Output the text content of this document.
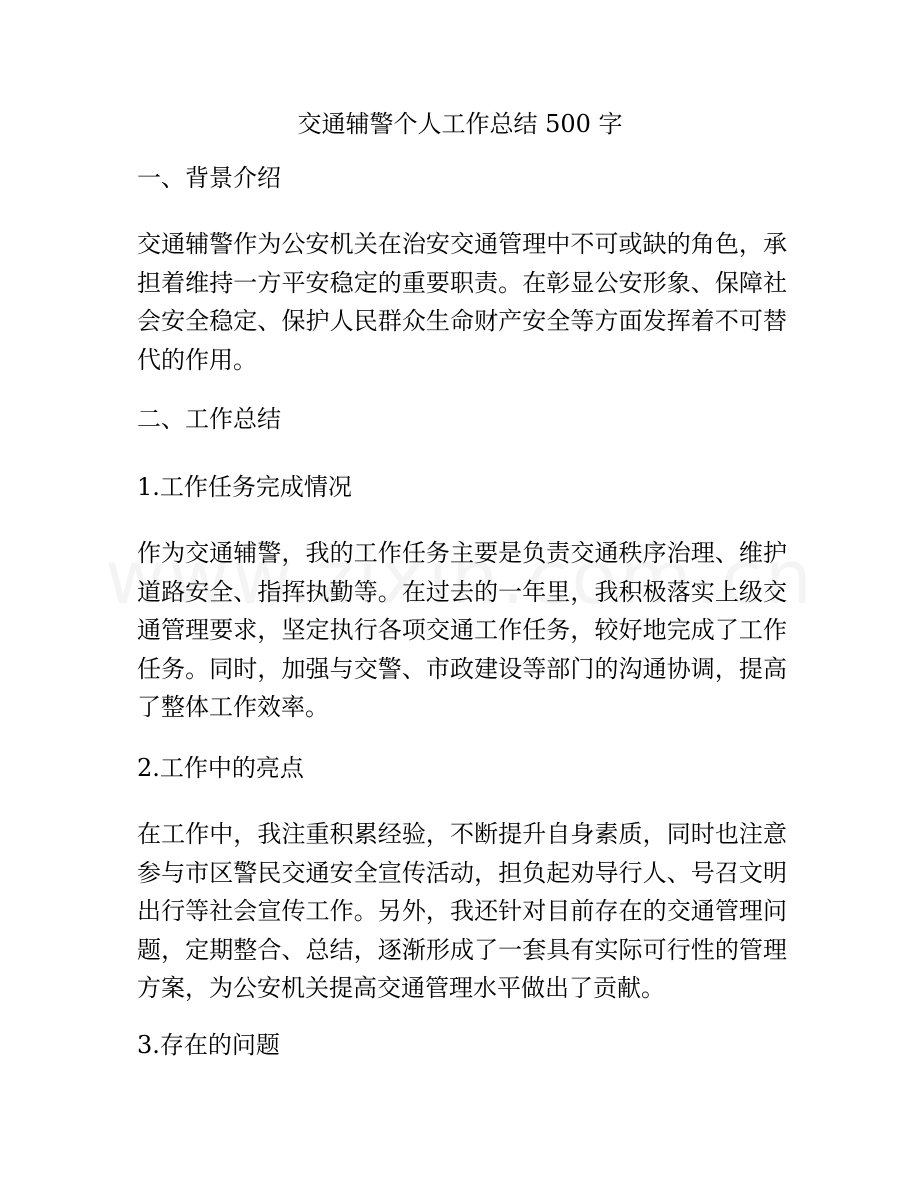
交通辅警个人工作总结 500 字
一、背景介绍
交通辅警作为公安机关在治安交通管理中不可或缺的角色，承担着维持一方平安稳定的重要职责。在彰显公安形象、保障社会安全稳定、保护人民群众生命财产安全等方面发挥着不可替代的作用。
二、工作总结
1.工作任务完成情况
作为交通辅警，我的工作任务主要是负责交通秩序治理、维护道路安全、指挥执勤等。在过去的一年里，我积极落实上级交通管理要求，坚定执行各项交通工作任务，较好地完成了工作任务。同时，加强与交警、市政建设等部门的沟通协调，提高了整体工作效率。
2.工作中的亮点
在工作中，我注重积累经验，不断提升自身素质，同时也注意参与市区警民交通安全宣传活动，担负起劝导行人、号召文明出行等社会宣传工作。另外，我还针对目前存在的交通管理问题，定期整合、总结，逐渐形成了一套具有实际可行性的管理方案，为公安机关提高交通管理水平做出了贡献。
3.存在的问题
